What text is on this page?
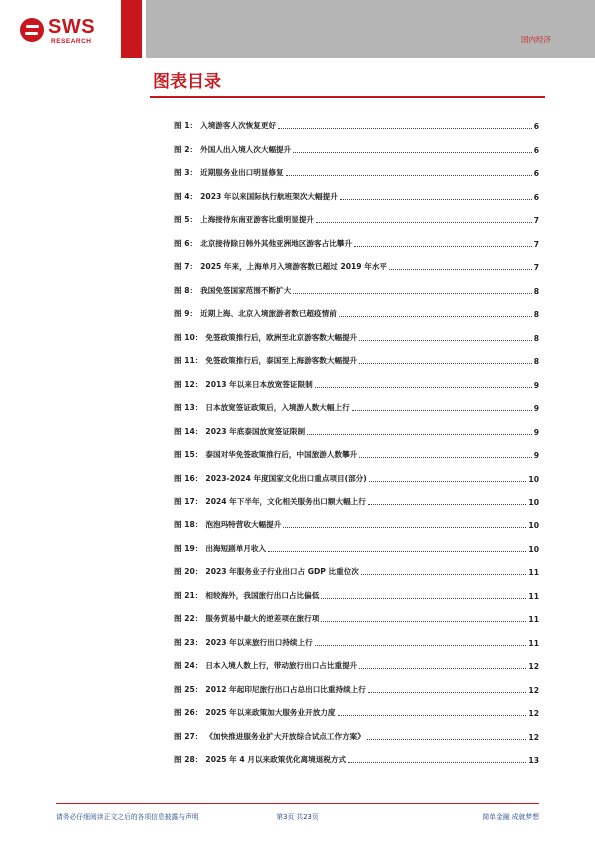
SWS
RESEARCH	国内经济
图表目录
图 1： 入境游客人次恢复更好	6
图 2： 外国人出入境人次大幅提升	6
图 3： 近期服务业出口明显修复	6
图 4： 2023 年以来国际执行航班架次大幅提升	6
图 5： 上海接待东南亚游客比重明显提升	7
图 6： 北京接待除日韩外其他亚洲地区游客占比攀升	7
图 7： 2025 年来，上海单月入境游客数已超过 2019 年水平	7
图 8： 我国免签国家范围不断扩大	8
图 9： 近期上海、北京入境旅游者数已超疫情前	8
图 10： 免签政策推行后，欧洲至北京游客数大幅提升	8
图 11： 免签政策推行后，泰国至上海游客数大幅提升	8
图 12： 2013 年以来日本放宽签证限制	9
图 13： 日本放宽签证政策后，入境游人数大幅上行	9
图 14： 2023 年底泰国放宽签证限制	9
图 15： 泰国对华免签政策推行后，中国旅游人数攀升	9
图 16： 2023-2024 年度国家文化出口重点项目(部分)	10
图 17： 2024 年下半年，文化相关服务出口额大幅上行	10
图 18： 泡泡玛特营收大幅提升	10
图 19： 出海短剧单月收入	10
图 20： 2023 年服务业子行业出口占 GDP 比重位次	11
图 21： 相较海外，我国旅行出口占比偏低	11
图 22： 服务贸易中最大的逆差项在旅行项	11
图 23： 2023 年以来旅行出口持续上行	11
图 24： 日本入境人数上行，带动旅行出口占比重提升	12
图 25： 2012 年起印尼旅行出口占总出口比重持续上行	12
图 26： 2025 年以来政策加大服务业开放力度	12
图 27： 《加快推进服务业扩大开放综合试点工作方案》	12
图 28： 2025 年 4 月以来政策优化离境退税方式	13
请务必仔细阅读正文之后的各项信息披露与声明	第3页 共23页	简单金融 成就梦想
